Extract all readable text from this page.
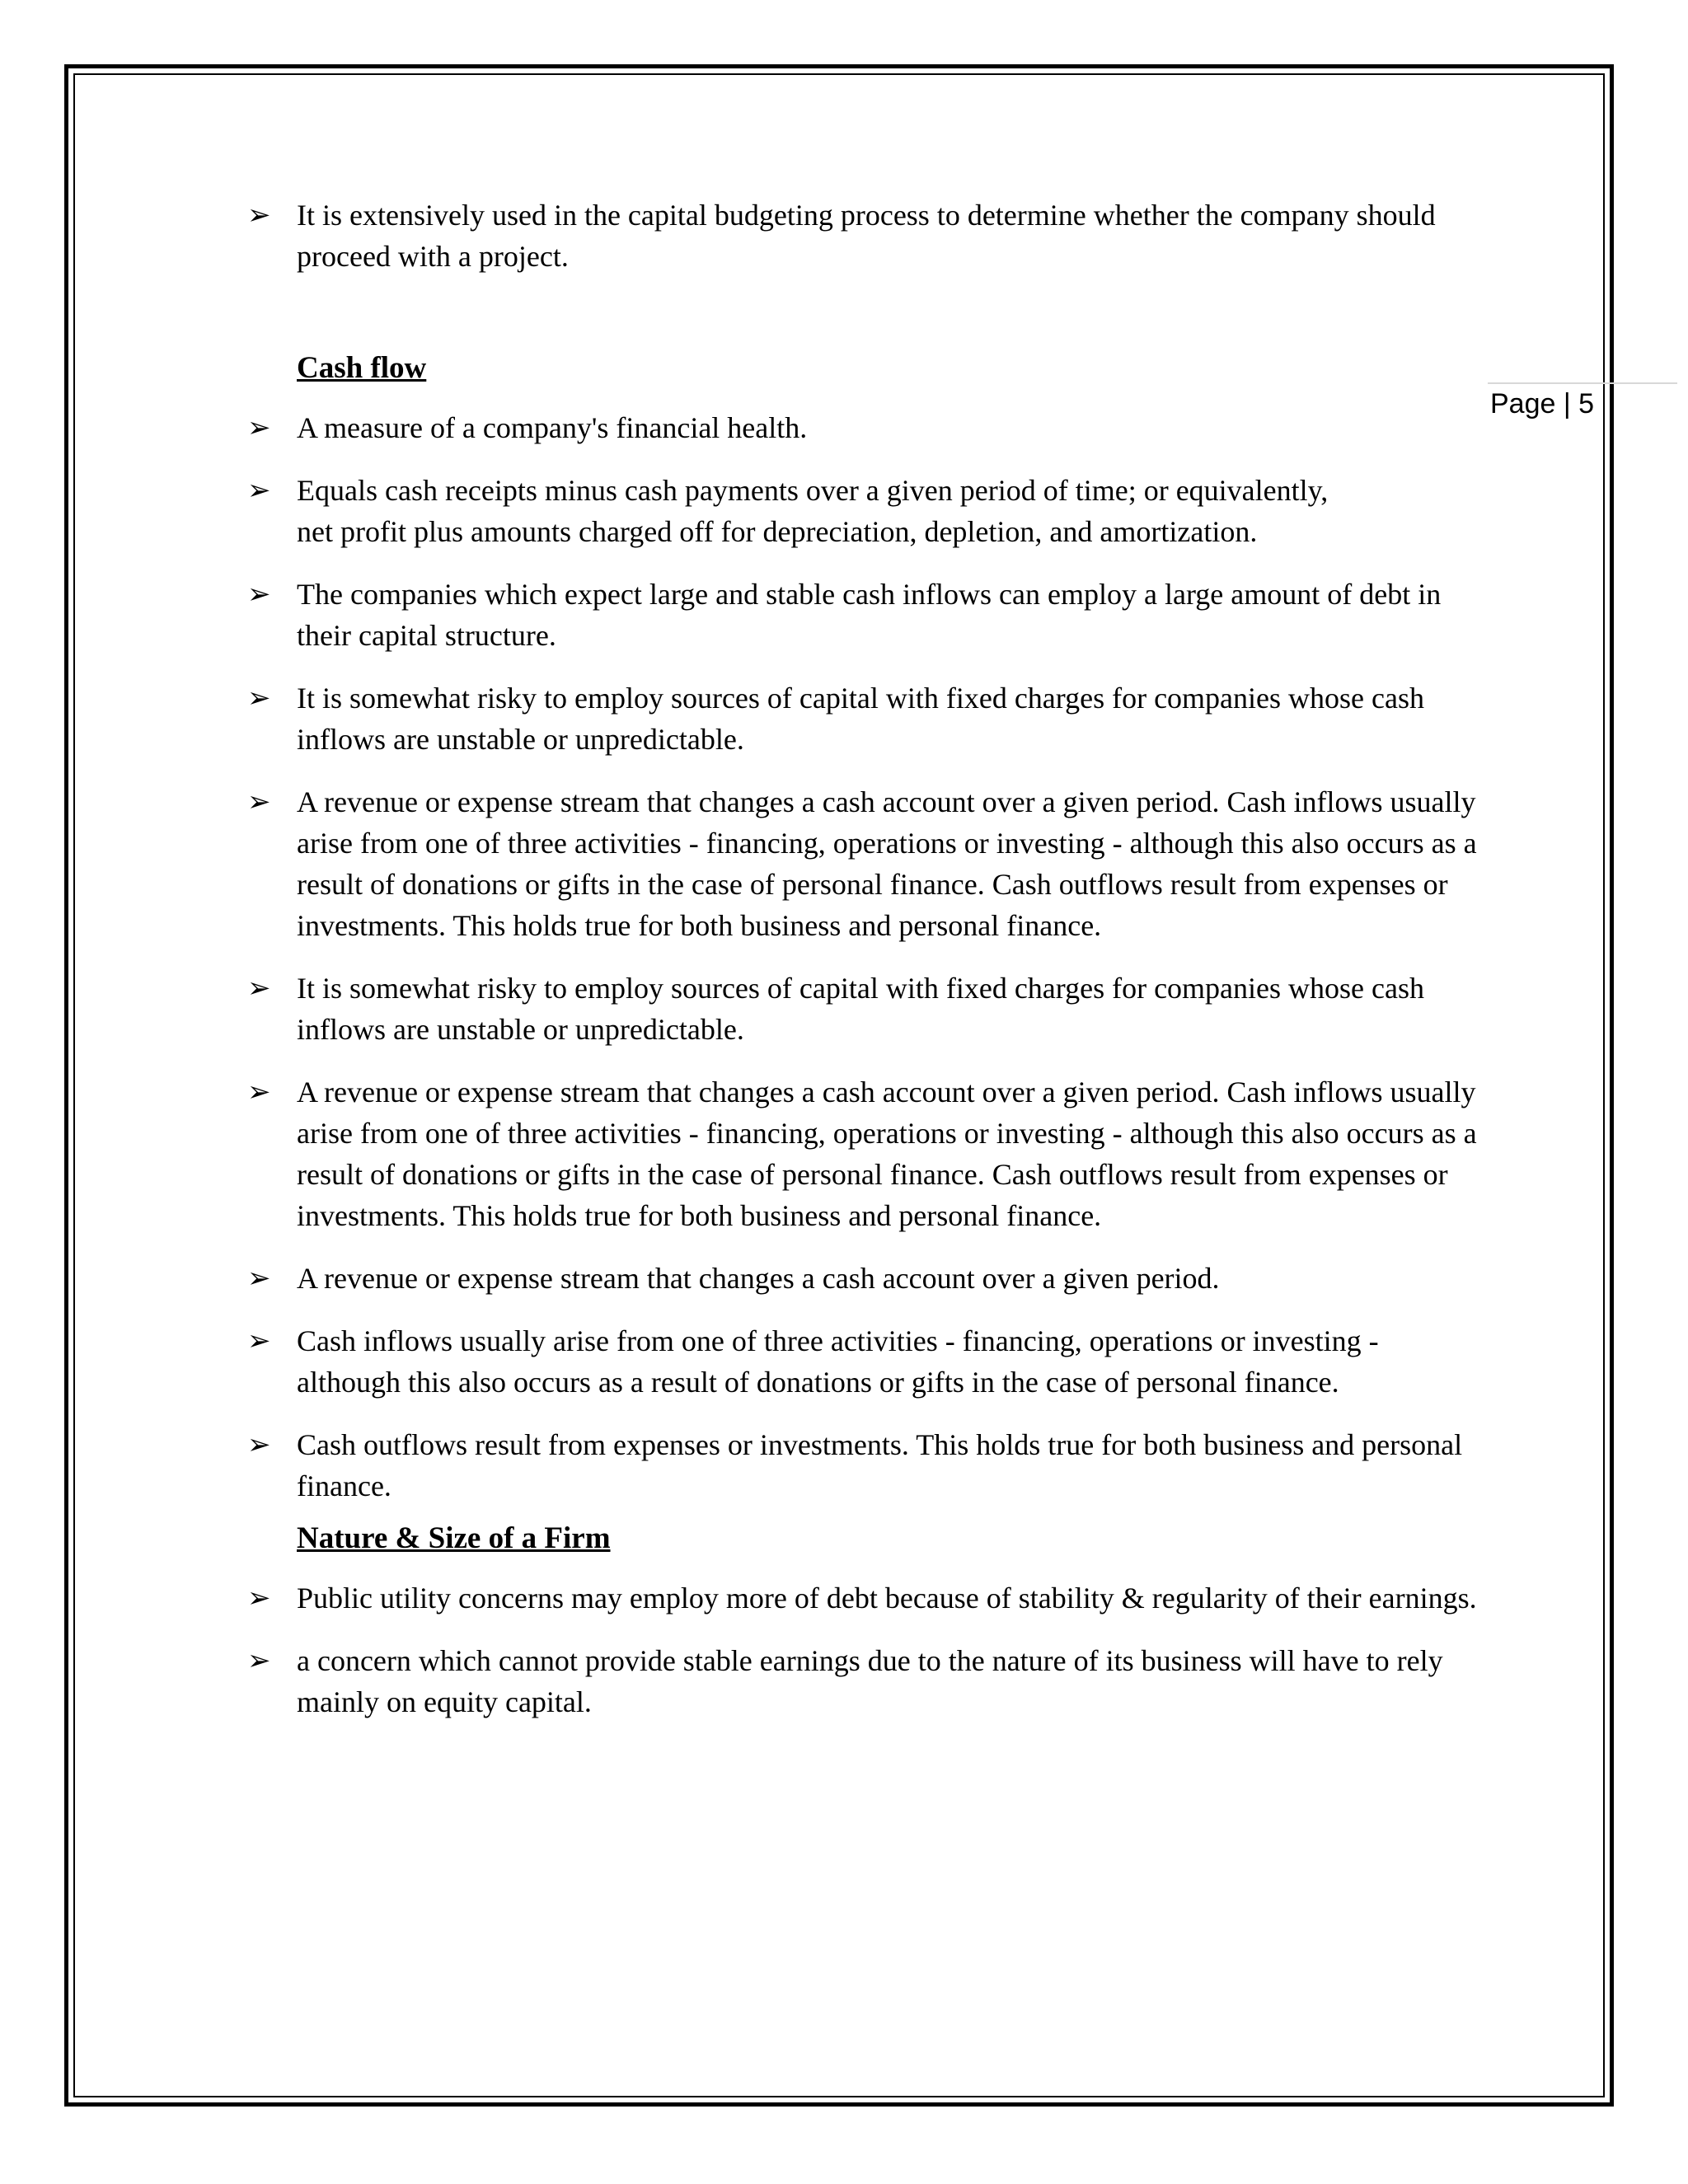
Page | 5
➢ It is extensively used in the capital budgeting process to determine whether the company should proceed with a project.
Cash flow
➢ A measure of a company's financial health.
➢ Equals cash receipts minus cash payments over a given period of time; or equivalently, net profit plus amounts charged off for depreciation, depletion, and amortization.
➢ The companies which expect large and stable cash inflows can employ a large amount of debt in their capital structure.
➢ It is somewhat risky to employ sources of capital with fixed charges for companies whose cash inflows are unstable or unpredictable.
➢ A revenue or expense stream that changes a cash account over a given period. Cash inflows usually arise from one of three activities - financing, operations or investing - although this also occurs as a result of donations or gifts in the case of personal finance. Cash outflows result from expenses or investments. This holds true for both business and personal finance.
➢ It is somewhat risky to employ sources of capital with fixed charges for companies whose cash inflows are unstable or unpredictable.
➢ A revenue or expense stream that changes a cash account over a given period. Cash inflows usually arise from one of three activities - financing, operations or investing - although this also occurs as a result of donations or gifts in the case of personal finance. Cash outflows result from expenses or investments. This holds true for both business and personal finance.
➢ A revenue or expense stream that changes a cash account over a given period.
➢ Cash inflows usually arise from one of three activities - financing, operations or investing - although this also occurs as a result of donations or gifts in the case of personal finance.
➢ Cash outflows result from expenses or investments. This holds true for both business and personal finance.
Nature & Size of a Firm
➢ Public utility concerns may employ more of debt because of stability & regularity of their earnings.
➢ a concern which cannot provide stable earnings due to the nature of its business will have to rely mainly on equity capital.
